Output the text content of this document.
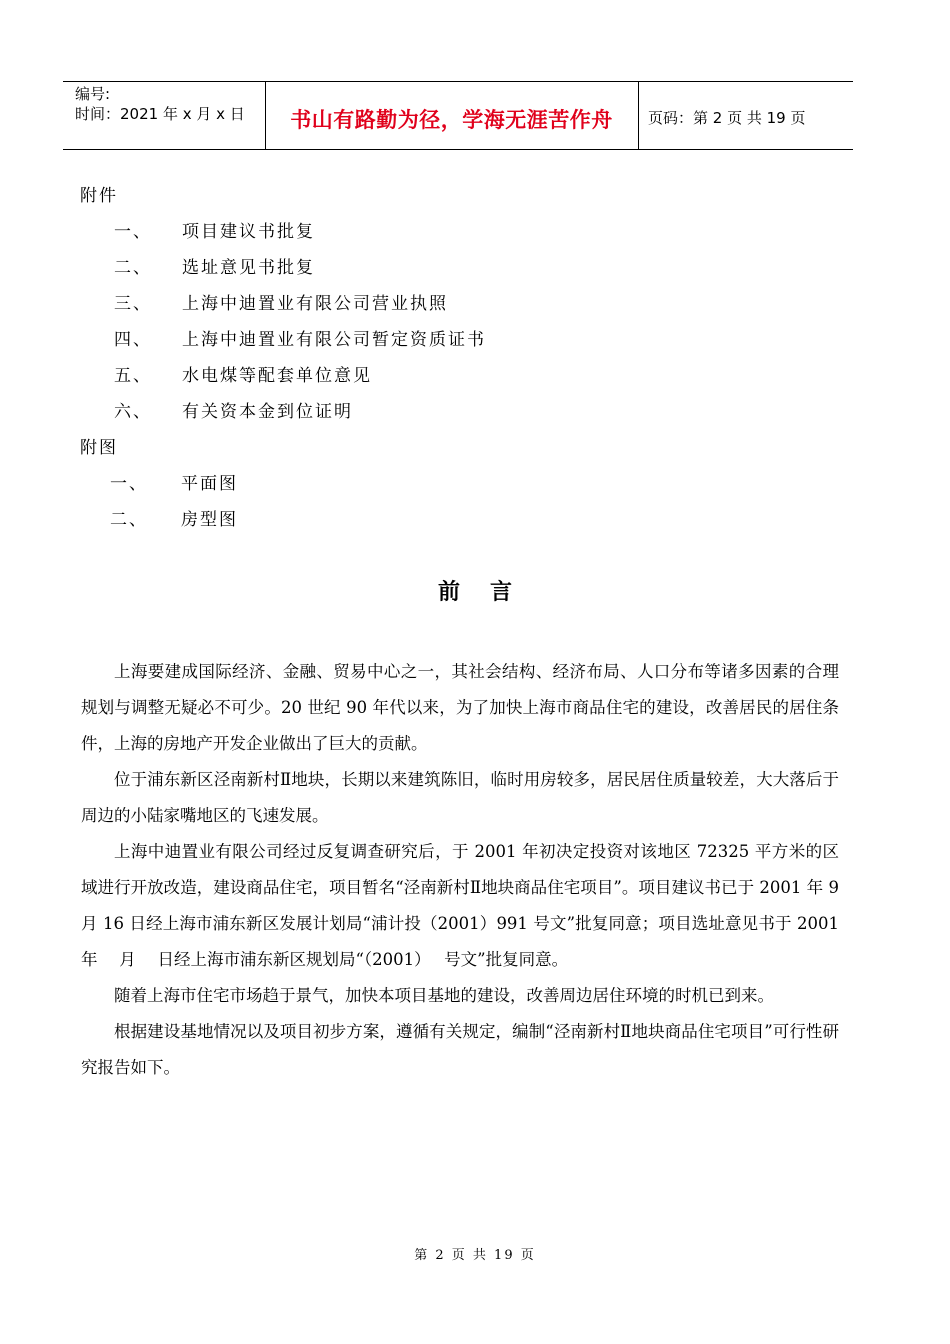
编号:
时间：2021 年 x 月 x 日	书山有路勤为径，学海无涯苦作舟	页码：第 2 页 共 19 页
附件
一、 项目建议书批复
二、 选址意见书批复
三、 上海中迪置业有限公司营业执照
四、 上海中迪置业有限公司暂定资质证书
五、 水电煤等配套单位意见
六、 有关资本金到位证明
附图
一、 平面图
二、 房型图
前言

上海要建成国际经济、金融、贸易中心之一，其社会结构、经济布局、人口分布等诸多因素的合理规划与调整无疑必不可少。20 世纪 90 年代以来，为了加快上海市商品住宅的建设，改善居民的居住条件，上海的房地产开发企业做出了巨大的贡献。

位于浦东新区泾南新村Ⅱ地块，长期以来建筑陈旧，临时用房较多，居民居住质量较差，大大落后于周边的小陆家嘴地区的飞速发展。

上海中迪置业有限公司经过反复调查研究后，于 2001 年初决定投资对该地区 72325 平方米的区域进行开放改造，建设商品住宅，项目暂名“泾南新村Ⅱ地块商品住宅项目”。项目建议书已于 2001 年 9 月 16 日经上海市浦东新区发展计划局“浦计投（2001）991 号文”批复同意；项目选址意见书于 2001 年　 月　 日经上海市浦东新区规划局“（2001）　 号文”批复同意。

随着上海市住宅市场趋于景气，加快本项目基地的建设，改善周边居住环境的时机已到来。

根据建设基地情况以及项目初步方案，遵循有关规定，编制“泾南新村Ⅱ地块商品住宅项目”可行性研究报告如下。

第 2 页 共 19 页
